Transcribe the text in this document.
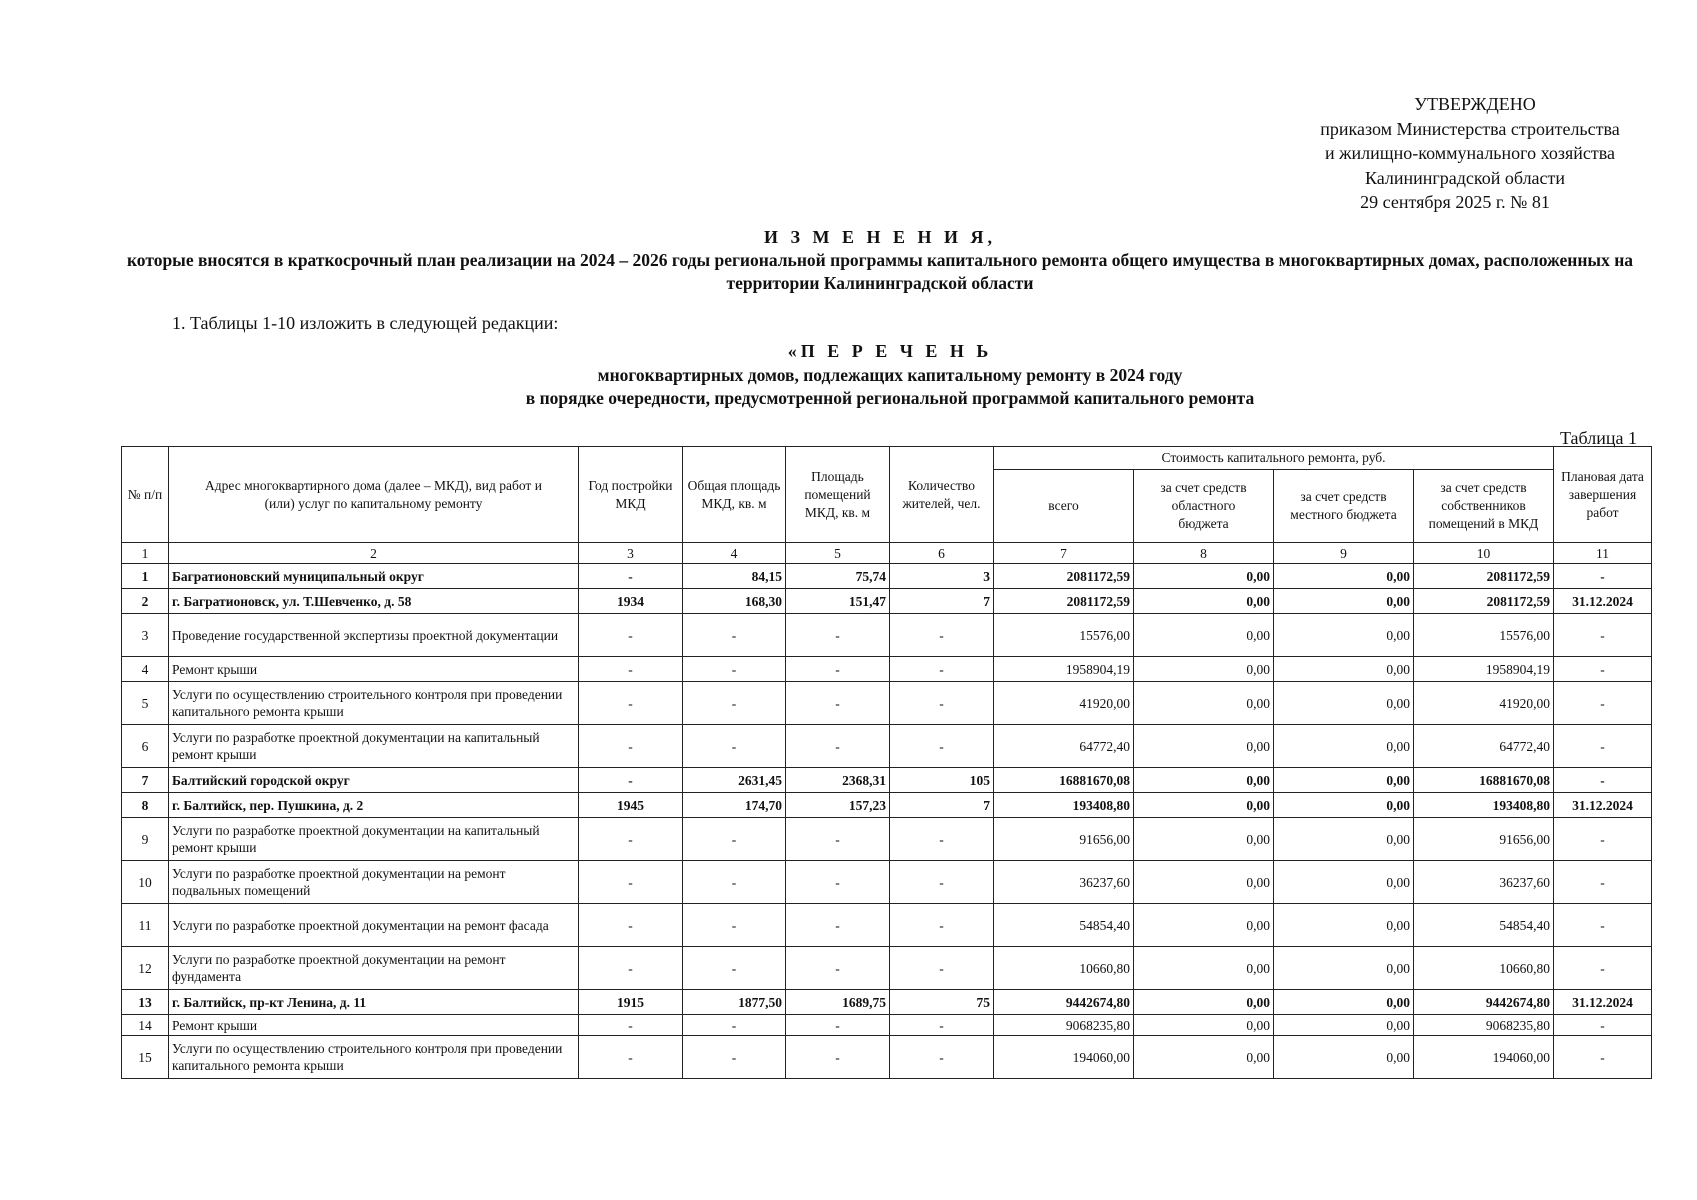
УТВЕРЖДЕНО
приказом Министерства строительства
и жилищно-коммунального хозяйства
Калининградской области
29 сентября 2025 г. № 81
И З М Е Н Е Н И Я,
которые вносятся в краткосрочный план реализации на 2024 – 2026 годы региональной программы капитального ремонта общего имущества в многоквартирных домах, расположенных на территории Калининградской области
1. Таблицы 1-10 изложить в следующей редакции:
«П Е Р Е Ч Е Н Ь
многоквартирных домов, подлежащих капитальному ремонту в 2024 году
в порядке очередности, предусмотренной региональной программой капитального ремонта
Таблица 1
№ п/п	Адрес многоквартирного дома (далее – МКД), вид работ и (или) услуг по капитальному ремонту	Год постройки МКД	Общая площадь МКД, кв. м	Площадь помещений МКД, кв. м	Количество жителей, чел.	Стоимость капитального ремонта, руб.				Плановая дата завершения работ
						всего	за счет средств областного бюджета	за счет средств местного бюджета	за счет средств собственников помещений в МКД	
1	2	3	4	5	6	7	8	9	10	11
1	Багратионовский муниципальный округ	-	84,15	75,74	3	2081172,59	0,00	0,00	2081172,59	-
2	г. Багратионовск, ул. Т.Шевченко, д. 58	1934	168,30	151,47	7	2081172,59	0,00	0,00	2081172,59	31.12.2024
3	Проведение государственной экспертизы проектной документации	-	-	-	-	15576,00	0,00	0,00	15576,00	-
4	Ремонт крыши	-	-	-	-	1958904,19	0,00	0,00	1958904,19	-
5	Услуги по осуществлению строительного контроля при проведении капитального ремонта крыши	-	-	-	-	41920,00	0,00	0,00	41920,00	-
6	Услуги по разработке проектной документации на капитальный ремонт крыши	-	-	-	-	64772,40	0,00	0,00	64772,40	-
7	Балтийский городской округ	-	2631,45	2368,31	105	16881670,08	0,00	0,00	16881670,08	-
8	г. Балтийск, пер. Пушкина, д. 2	1945	174,70	157,23	7	193408,80	0,00	0,00	193408,80	31.12.2024
9	Услуги по разработке проектной документации на капитальный ремонт крыши	-	-	-	-	91656,00	0,00	0,00	91656,00	-
10	Услуги по разработке проектной документации на ремонт подвальных помещений	-	-	-	-	36237,60	0,00	0,00	36237,60	-
11	Услуги по разработке проектной документации на ремонт фасада	-	-	-	-	54854,40	0,00	0,00	54854,40	-
12	Услуги по разработке проектной документации на ремонт фундамента	-	-	-	-	10660,80	0,00	0,00	10660,80	-
13	г. Балтийск, пр-кт Ленина, д. 11	1915	1877,50	1689,75	75	9442674,80	0,00	0,00	9442674,80	31.12.2024
14	Ремонт крыши	-	-	-	-	9068235,80	0,00	0,00	9068235,80	-
15	Услуги по осуществлению строительного контроля при проведении капитального ремонта крыши	-	-	-	-	194060,00	0,00	0,00	194060,00	-
